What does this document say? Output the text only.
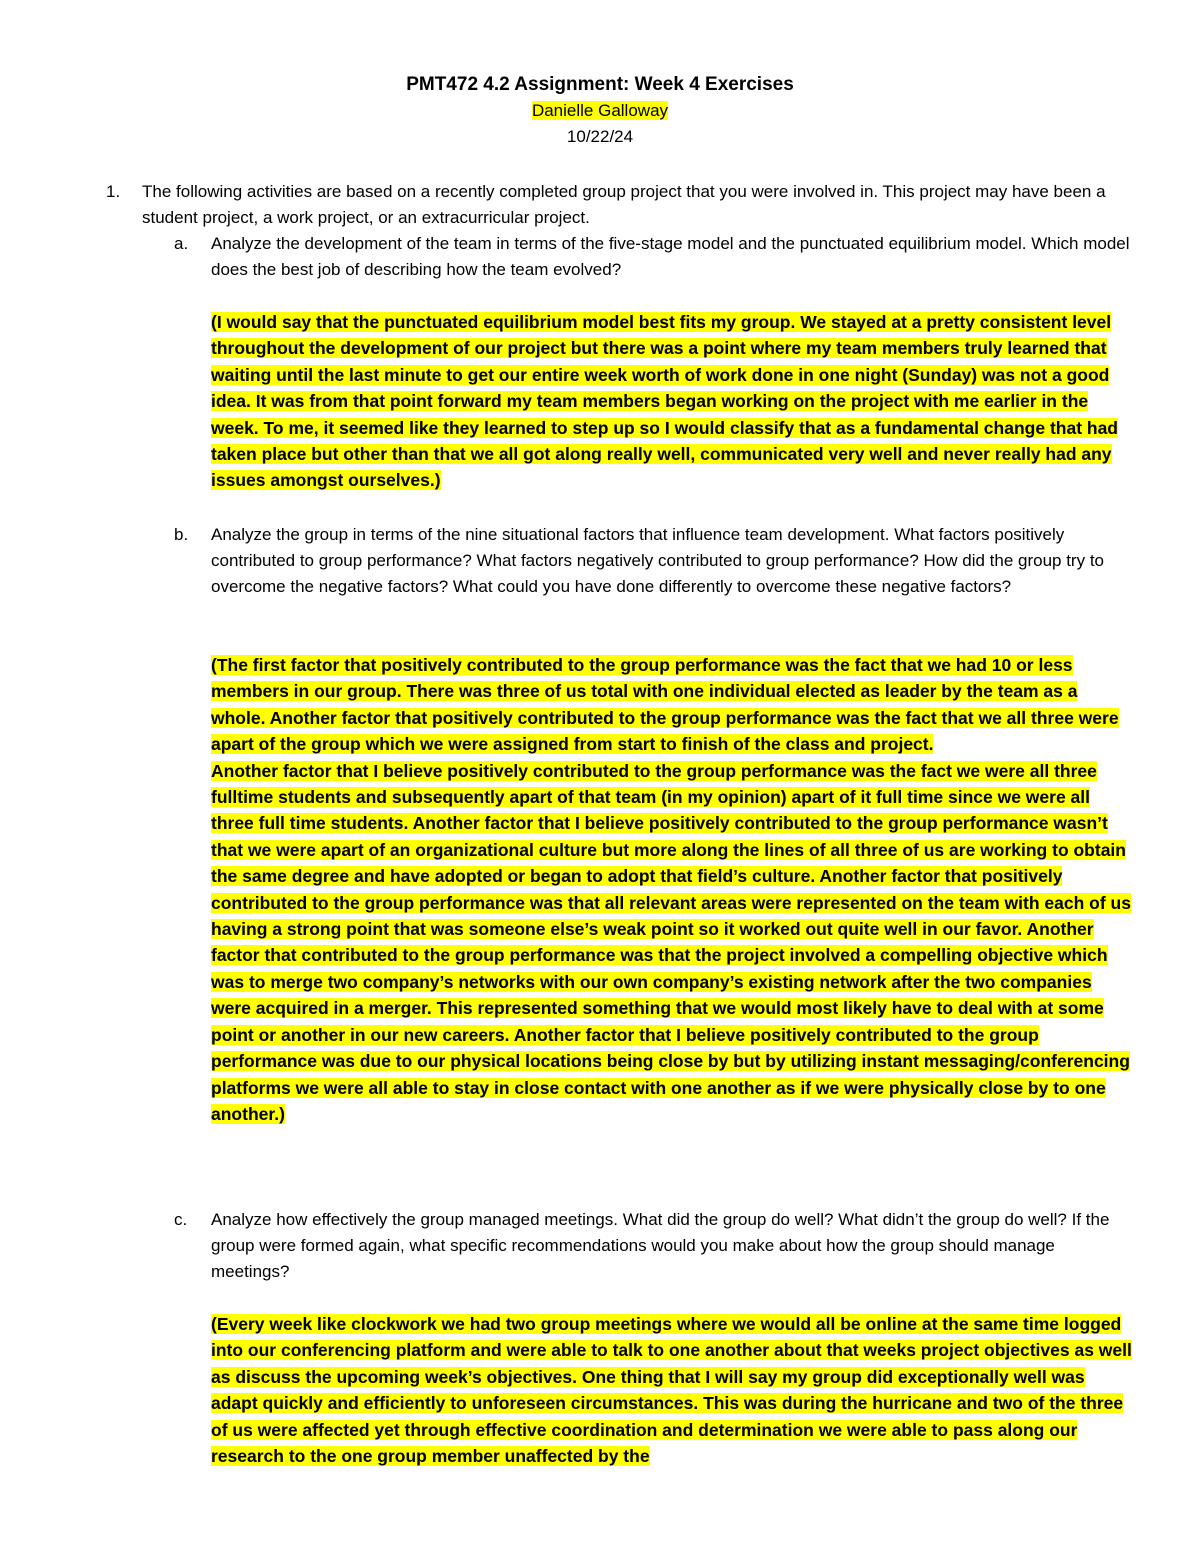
PMT472 4.2 Assignment: Week 4 Exercises
Danielle Galloway
10/22/24
1. The following activities are based on a recently completed group project that you were involved in. This project may have been a student project, a work project, or an extracurricular project.
a. Analyze the development of the team in terms of the five-stage model and the punctuated equilibrium model. Which model does the best job of describing how the team evolved?

(I would say that the punctuated equilibrium model best fits my group. We stayed at a pretty consistent level throughout the development of our project but there was a point where my team members truly learned that waiting until the last minute to get our entire week worth of work done in one night (Sunday) was not a good idea. It was from that point forward my team members began working on the project with me earlier in the week. To me, it seemed like they learned to step up so I would classify that as a fundamental change that had taken place but other than that we all got along really well, communicated very well and never really had any issues amongst ourselves.)

b. Analyze the group in terms of the nine situational factors that influence team development. What factors positively contributed to group performance? What factors negatively contributed to group performance? How did the group try to overcome the negative factors? What could you have done differently to overcome these negative factors?

(The first factor that positively contributed to the group performance was the fact that we had 10 or less members in our group. There was three of us total with one individual elected as leader by the team as a whole. Another factor that positively contributed to the group performance was the fact that we all three were apart of the group which we were assigned from start to finish of the class and project.

Another factor that I believe positively contributed to the group performance was the fact we were all three fulltime students and subsequently apart of that team (in my opinion) apart of it full time since we were all three full time students. Another factor that I believe positively contributed to the group performance wasn’t that we were apart of an organizational culture but more along the lines of all three of us are working to obtain the same degree and have adopted or began to adopt that field’s culture. Another factor that positively contributed to the group performance was that all relevant areas were represented on the team with each of us having a strong point that was someone else’s weak point so it worked out quite well in our favor. Another factor that contributed to the group performance was that the project involved a compelling objective which was to merge two company’s networks with our own company’s existing network after the two companies were acquired in a merger. This represented something that we would most likely have to deal with at some point or another in our new careers. Another factor that I believe positively contributed to the group performance was due to our physical locations being close by but by utilizing instant messaging/conferencing platforms we were all able to stay in close contact with one another as if we were physically close by to one another.)

c. Analyze how effectively the group managed meetings. What did the group do well? What didn’t the group do well? If the group were formed again, what specific recommendations would you make about how the group should manage meetings?

(Every week like clockwork we had two group meetings where we would all be online at the same time logged into our conferencing platform and were able to talk to one another about that weeks project objectives as well as discuss the upcoming week’s objectives. One thing that I will say my group did exceptionally well was adapt quickly and efficiently to unforeseen circumstances. This was during the hurricane and two of the three of us were affected yet through effective coordination and determination we were able to pass along our research to the one group member unaffected by the
